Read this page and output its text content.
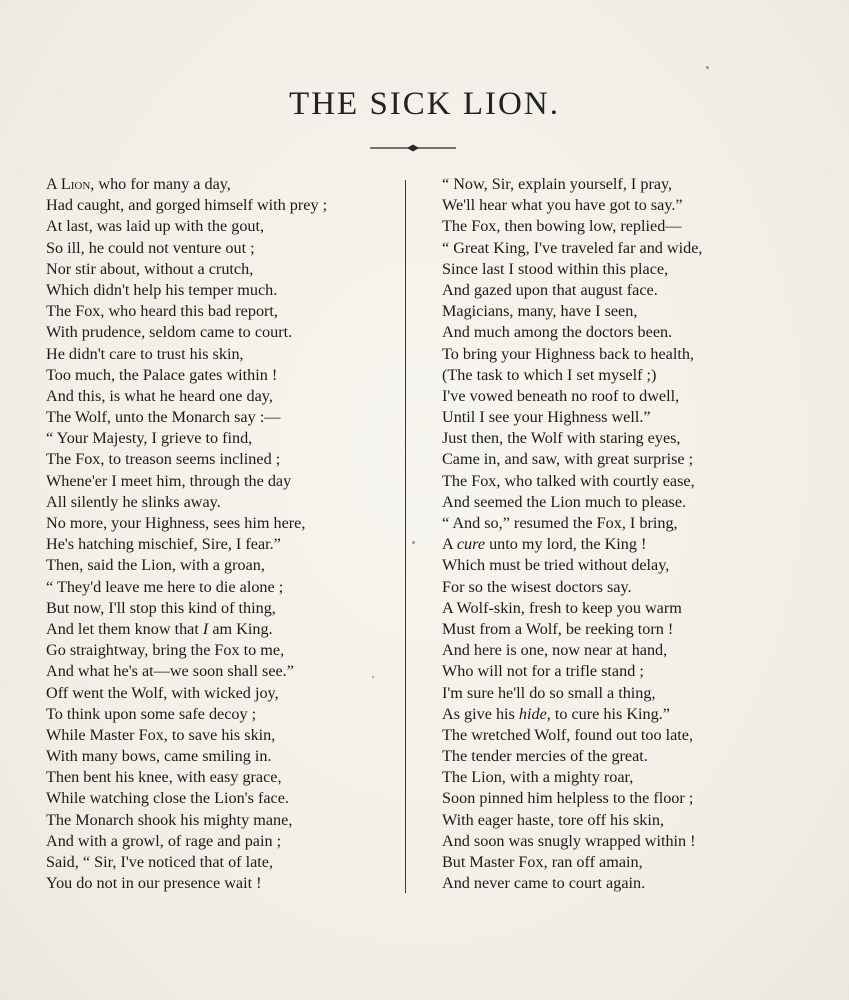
THE SICK LION.
A Lion, who for many a day,
Had caught, and gorged himself with prey ;
At last, was laid up with the gout,
So ill, he could not venture out ;
Nor stir about, without a crutch,
Which didn't help his temper much.
The Fox, who heard this bad report,
With prudence, seldom came to court.
He didn't care to trust his skin,
Too much, the Palace gates within !
And this, is what he heard one day,
The Wolf, unto the Monarch say :—
“ Your Majesty, I grieve to find,
The Fox, to treason seems inclined ;
Whene'er I meet him, through the day
All silently he slinks away.
No more, your Highness, sees him here,
He's hatching mischief, Sire, I fear.”
Then, said the Lion, with a groan,
“ They'd leave me here to die alone ;
But now, I'll stop this kind of thing,
And let them know that I am King.
Go straightway, bring the Fox to me,
And what he's at—we soon shall see.”
Off went the Wolf, with wicked joy,
To think upon some safe decoy ;
While Master Fox, to save his skin,
With many bows, came smiling in.
Then bent his knee, with easy grace,
While watching close the Lion's face.
The Monarch shook his mighty mane,
And with a growl, of rage and pain ;
Said, “ Sir, I've noticed that of late,
You do not in our presence wait !
“ Now, Sir, explain yourself, I pray,
We'll hear what you have got to say.”
The Fox, then bowing low, replied—
“ Great King, I've traveled far and wide,
Since last I stood within this place,
And gazed upon that august face.
Magicians, many, have I seen,
And much among the doctors been.
To bring your Highness back to health,
(The task to which I set myself ;)
I've vowed beneath no roof to dwell,
Until I see your Highness well.”
Just then, the Wolf with staring eyes,
Came in, and saw, with great surprise ;
The Fox, who talked with courtly ease,
And seemed the Lion much to please.
“ And so,” resumed the Fox, I bring,
A cure unto my lord, the King !
Which must be tried without delay,
For so the wisest doctors say.
A Wolf-skin, fresh to keep you warm
Must from a Wolf, be reeking torn !
And here is one, now near at hand,
Who will not for a trifle stand ;
I'm sure he'll do so small a thing,
As give his hide, to cure his King.”
The wretched Wolf, found out too late,
The tender mercies of the great.
The Lion, with a mighty roar,
Soon pinned him helpless to the floor ;
With eager haste, tore off his skin,
And soon was snugly wrapped within !
But Master Fox, ran off amain,
And never came to court again.
